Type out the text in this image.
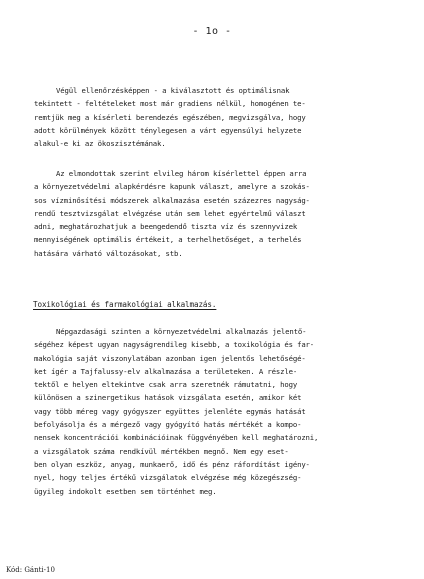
- 1o -
Végül ellenőrzésképpen - a kiválasztott és optimálisnak
tekintett - feltételeket most már gradiens nélkül, homogénen te-
remtjük meg a kísérleti berendezés egészében, megvizsgálva, hogy
adott körülmények között ténylegesen a várt egyensúlyi helyzete
alakul-e ki az ökoszisztémának.
Az elmondottak szerint elvileg három kísérlettel éppen arra
a környezetvédelmi alapkérdésre kapunk választ, amelyre a szokás-
sos vízminősítési módszerek alkalmazása esetén százezres nagyság-
rendű tesztvizsgálat elvégzése után sem lehet egyértelmű választ
adni, meghatározhatjuk a beengedendő tiszta víz és szennyvizek
mennyiségének optimális értékeit, a terhelhetőséget, a terhelés
hatására várható változásokat, stb.
Toxikológiai és farmakológiai alkalmazás.
Népgazdasági szinten a környezetvédelmi alkalmazás jelentő-
ségéhez képest ugyan nagyságrendileg kisebb, a toxikológia és far-
makológia saját viszonylatában azonban igen jelentős lehetőségé-
ket ígér a Tajfalussy-elv alkalmazása a területeken. A részle-
tektől e helyen eltekintve csak arra szeretnék rámutatni, hogy
különösen a szinergetikus hatások vizsgálata esetén, amikor két
vagy több méreg vagy gyógyszer együttes jelenléte egymás hatását
befolyásolja és a mérgező vagy gyógyító hatás mértékét a kompo-
nensek koncentrációi kombinációinak függvényében kell meghatározni,
a vizsgálatok száma rendkívül mértékben megnő. Nem egy eset-
ben olyan eszköz, anyag, munkaerő, idő és pénz ráfordítást igény-
nyel, hogy teljes értékű vizsgálatok elvégzése még közegészség-
ügyileg indokolt esetben sem történhet meg.
Kód: Gánti-10
